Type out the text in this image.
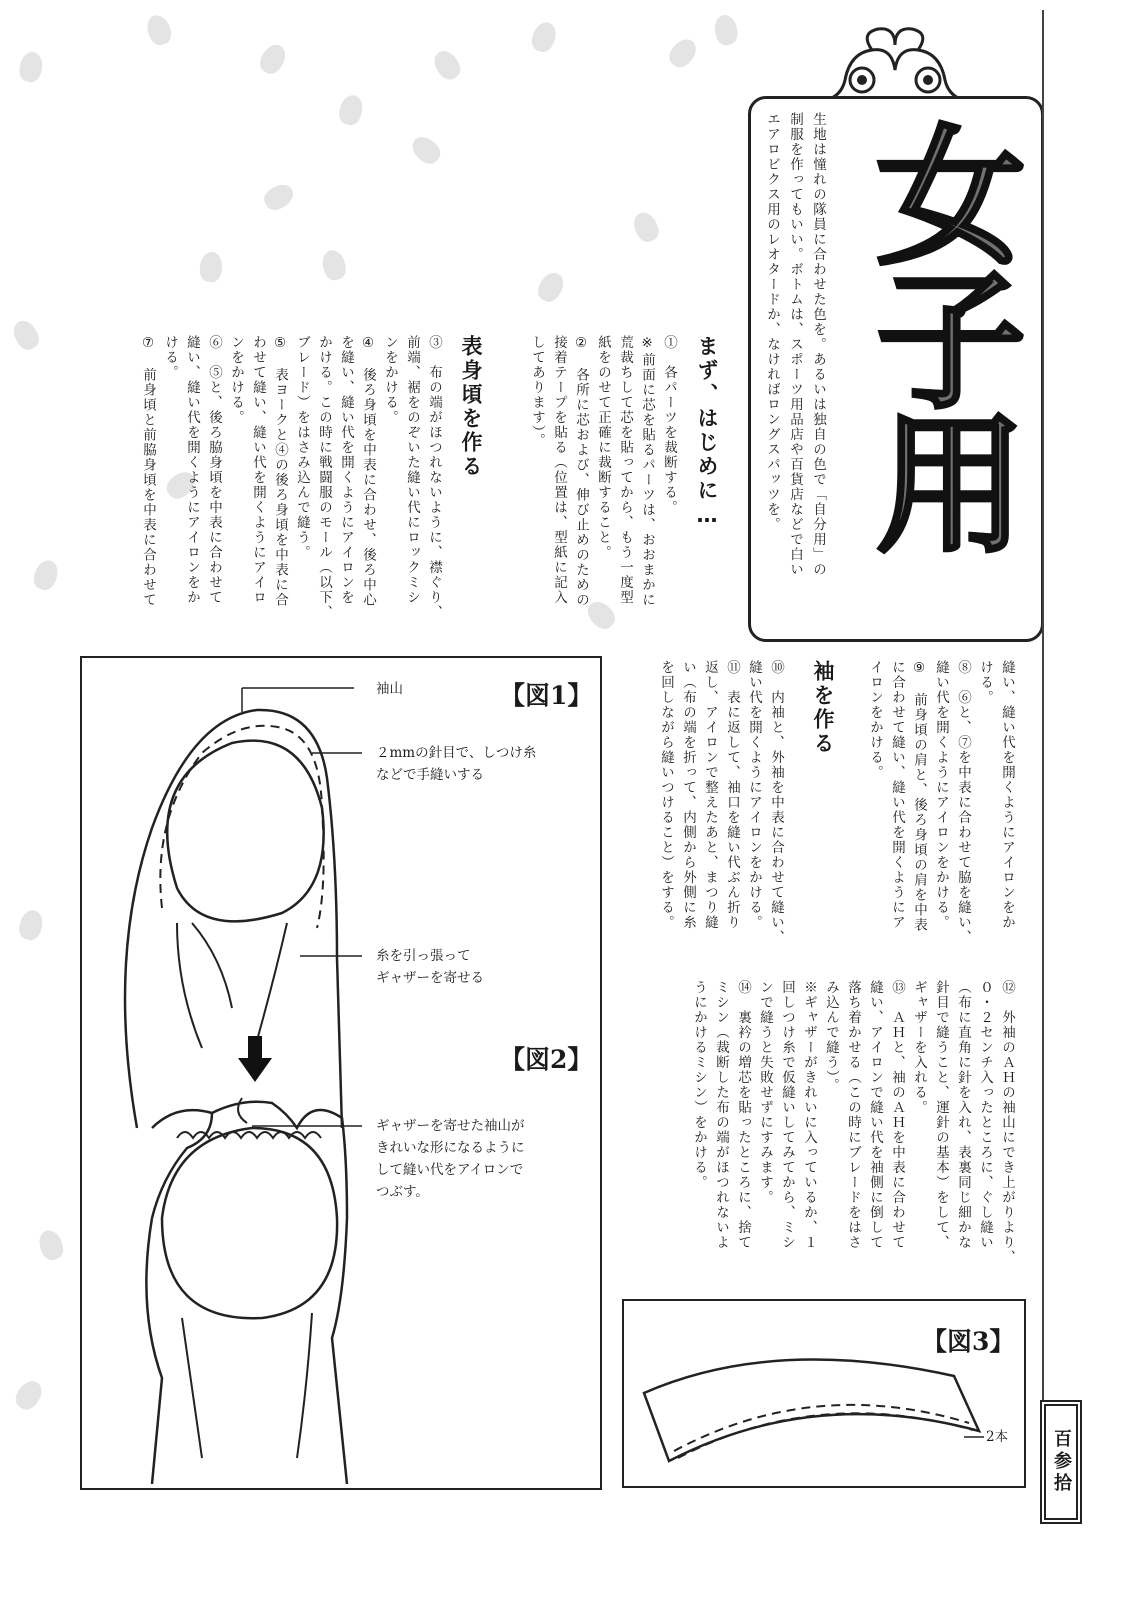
生地は憧れの隊員に合わせた色を。あるいは独自の色で「自分用」の
制服を作ってもいい。ボトムは、スポーツ用品店や百貨店などで白い
エアロビクス用のレオタードか、なければロングスパッツを。 女子用
百参拾
まず、はじめに…
①　各パーツを裁断する。
※前面に芯を貼るパーツは、おおまかに
荒裁ちして芯を貼ってから、もう一度型
紙をのせて正確に裁断すること。
②　各所に芯および、伸び止めのための
接着テープを貼る（位置は、型紙に記入
してあります）。
表身頃を作る
③　布の端がほつれないように、襟ぐり、
前端、裾をのぞいた縫い代にロックミシ
ンをかける。
④　後ろ身頃を中表に合わせ、後ろ中心
を縫い、縫い代を開くようにアイロンを
かける。この時に戦闘服のモール（以下、
ブレード）をはさみ込んで縫う。
⑤　表ヨークと④の後ろ身頃を中表に合
わせて縫い、縫い代を開くようにアイロ
ンをかける。
⑥　⑤と、後ろ脇身頃を中表に合わせて
縫い、縫い代を開くようにアイロンをか
ける。
⑦　前身頃と前脇身頃を中表に合わせて
縫い、縫い代を開くようにアイロンをか
ける。
⑧　⑥と、⑦を中表に合わせて脇を縫い、
縫い代を開くようにアイロンをかける。
⑨　前身頃の肩と、後ろ身頃の肩を中表
に合わせて縫い、縫い代を開くようにア
イロンをかける。
袖を作る
⑩　内袖と、外袖を中表に合わせて縫い、
縫い代を開くようにアイロンをかける。
⑪　表に返して、袖口を縫い代ぶん折り
返し、アイロンで整えたあと、まつり縫
い（布の端を折って、内側から外側に糸
を回しながら縫いつけること）をする。
⑫　外袖のＡＨの袖山にでき上がりより、
０・２センチ入ったところに、ぐし縫い
（布に直角に針を入れ、表裏同じ細かな
針目で縫うこと、運針の基本）をして、
ギャザーを入れる。
⑬　ＡＨと、袖のＡＨを中表に合わせて
縫い、アイロンで縫い代を袖側に倒して
落ち着かせる（この時にブレードをはさ
み込んで縫う）。
※ギャザーがきれいに入っているか、１
回しつけ糸で仮縫いしてみてから、ミシ
ンで縫うと失敗せずにすみます。
⑭　裏衿の増芯を貼ったところに、捨て
ミシン（裁断した布の端がほつれないよ
うにかけるミシン）をかける。
【図1】
【図2】
袖山
２mmの針目で、しつけ糸
などで手縫いする
糸を引っ張って
ギャザーを寄せる
ギャザーを寄せた袖山が
きれいな形になるように
して縫い代をアイロンで
つぶす。
【図3】
2本
